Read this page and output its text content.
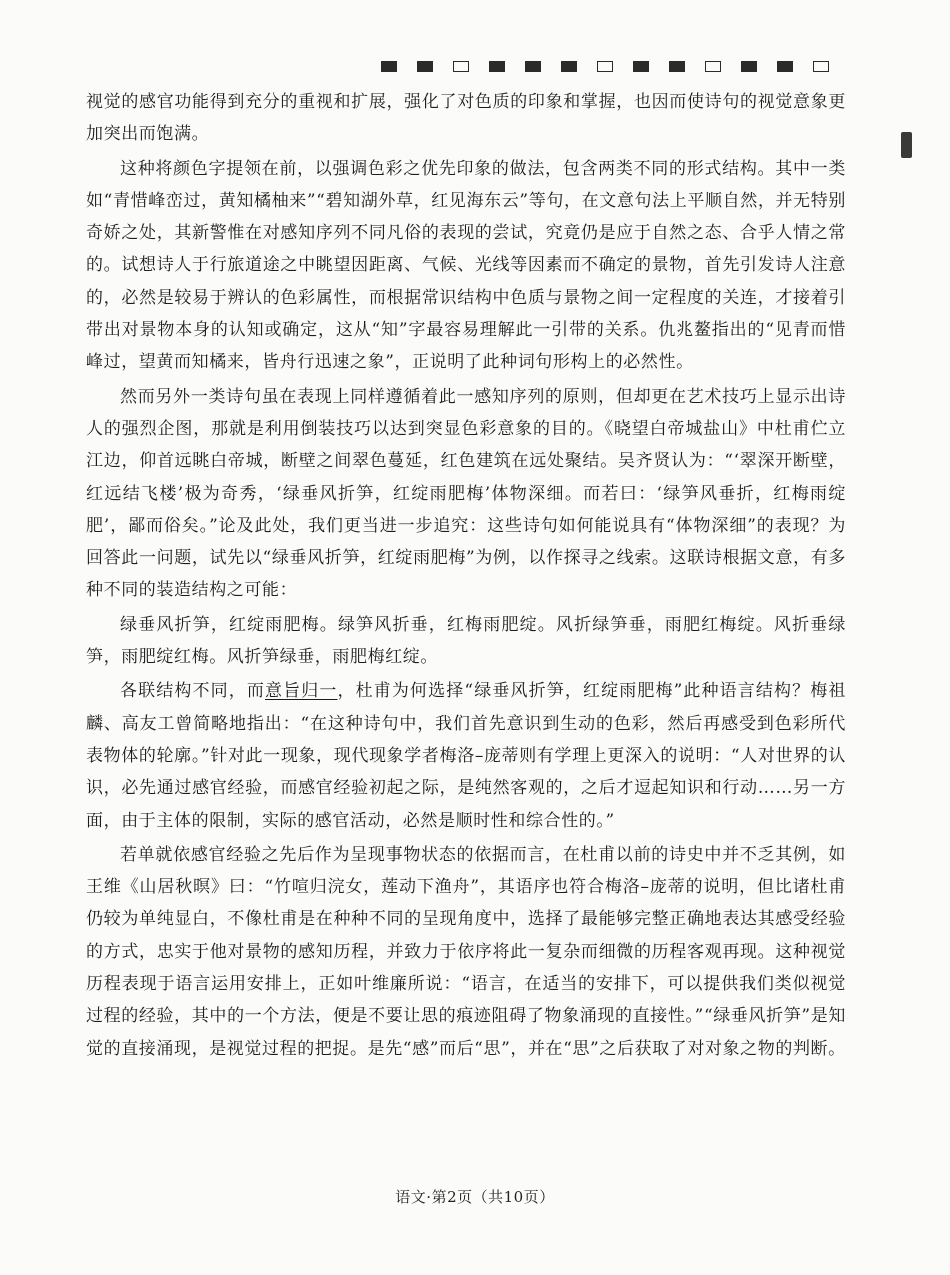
视觉的感官功能得到充分的重视和扩展，强化了对色质的印象和掌握，也因而使诗句的视觉意象更加突出而饱满。

这种将颜色字提领在前，以强调色彩之优先印象的做法，包含两类不同的形式结构。其中一类如“青惜峰峦过，黄知橘柚来”“碧知湖外草，红见海东云”等句，在文意句法上平顺自然，并无特别奇娇之处，其新警惟在对感知序列不同凡俗的表现的尝试，究竟仍是应于自然之态、合乎人情之常的。试想诗人于行旅道途之中眺望因距离、气候、光线等因素而不确定的景物，首先引发诗人注意的，必然是较易于辨认的色彩属性，而根据常识结构中色质与景物之间一定程度的关连，才接着引带出对景物本身的认知或确定，这从“知”字最容易理解此一引带的关系。仇兆鳌指出的“见青而惜峰过，望黄而知橘来，皆舟行迅速之象”，正说明了此种词句形构上的必然性。

然而另外一类诗句虽在表现上同样遵循着此一感知序列的原则，但却更在艺术技巧上显示出诗人的强烈企图，那就是利用倒装技巧以达到突显色彩意象的目的。《晓望白帝城盐山》中杜甫伫立江边，仰首远眺白帝城，断壁之间翠色蔓延，红色建筑在远处聚结。吴齐贤认为：“‘翠深开断壁，红远结飞楼’极为奇秀，‘绿垂风折笋，红绽雨肥梅’体物深细。而若曰：‘绿笋风垂折，红梅雨绽肥’，鄙而俗矣。”论及此处，我们更当进一步追究：这些诗句如何能说具有“体物深细”的表现？为回答此一问题，试先以“绿垂风折笋，红绽雨肥梅”为例，以作探寻之线索。这联诗根据文意，有多种不同的装造结构之可能：

绿垂风折笋，红绽雨肥梅。绿笋风折垂，红梅雨肥绽。风折绿笋垂，雨肥红梅绽。风折垂绿笋，雨肥绽红梅。风折笋绿垂，雨肥梅红绽。

各联结构不同，而意旨归一，杜甫为何选择“绿垂风折笋，红绽雨肥梅”此种语言结构？梅祖麟、高友工曾简略地指出：“在这种诗句中，我们首先意识到生动的色彩，然后再感受到色彩所代表物体的轮廓。”针对此一现象，现代现象学者梅洛–庞蒂则有学理上更深入的说明：“人对世界的认识，必先通过感官经验，而感官经验初起之际，是纯然客观的，之后才逗起知识和行动……另一方面，由于主体的限制，实际的感官活动，必然是顺时性和综合性的。”

若单就依感官经验之先后作为呈现事物状态的依据而言，在杜甫以前的诗史中并不乏其例，如王维《山居秋暝》曰：“竹喧归浣女，莲动下渔舟”，其语序也符合梅洛–庞蒂的说明，但比诸杜甫仍较为单纯显白，不像杜甫是在种种不同的呈现角度中，选择了最能够完整正确地表达其感受经验的方式，忠实于他对景物的感知历程，并致力于依序将此一复杂而细微的历程客观再现。这种视觉历程表现于语言运用安排上，正如叶维廉所说：“语言，在适当的安排下，可以提供我们类似视觉过程的经验，其中的一个方法，便是不要让思的痕迹阻碍了物象涌现的直接性。”“绿垂风折笋”是知觉的直接涌现，是视觉过程的把捉。是先“感”而后“思”，并在“思”之后获取了对对象之物的判断。

语文·第2页（共10页）
